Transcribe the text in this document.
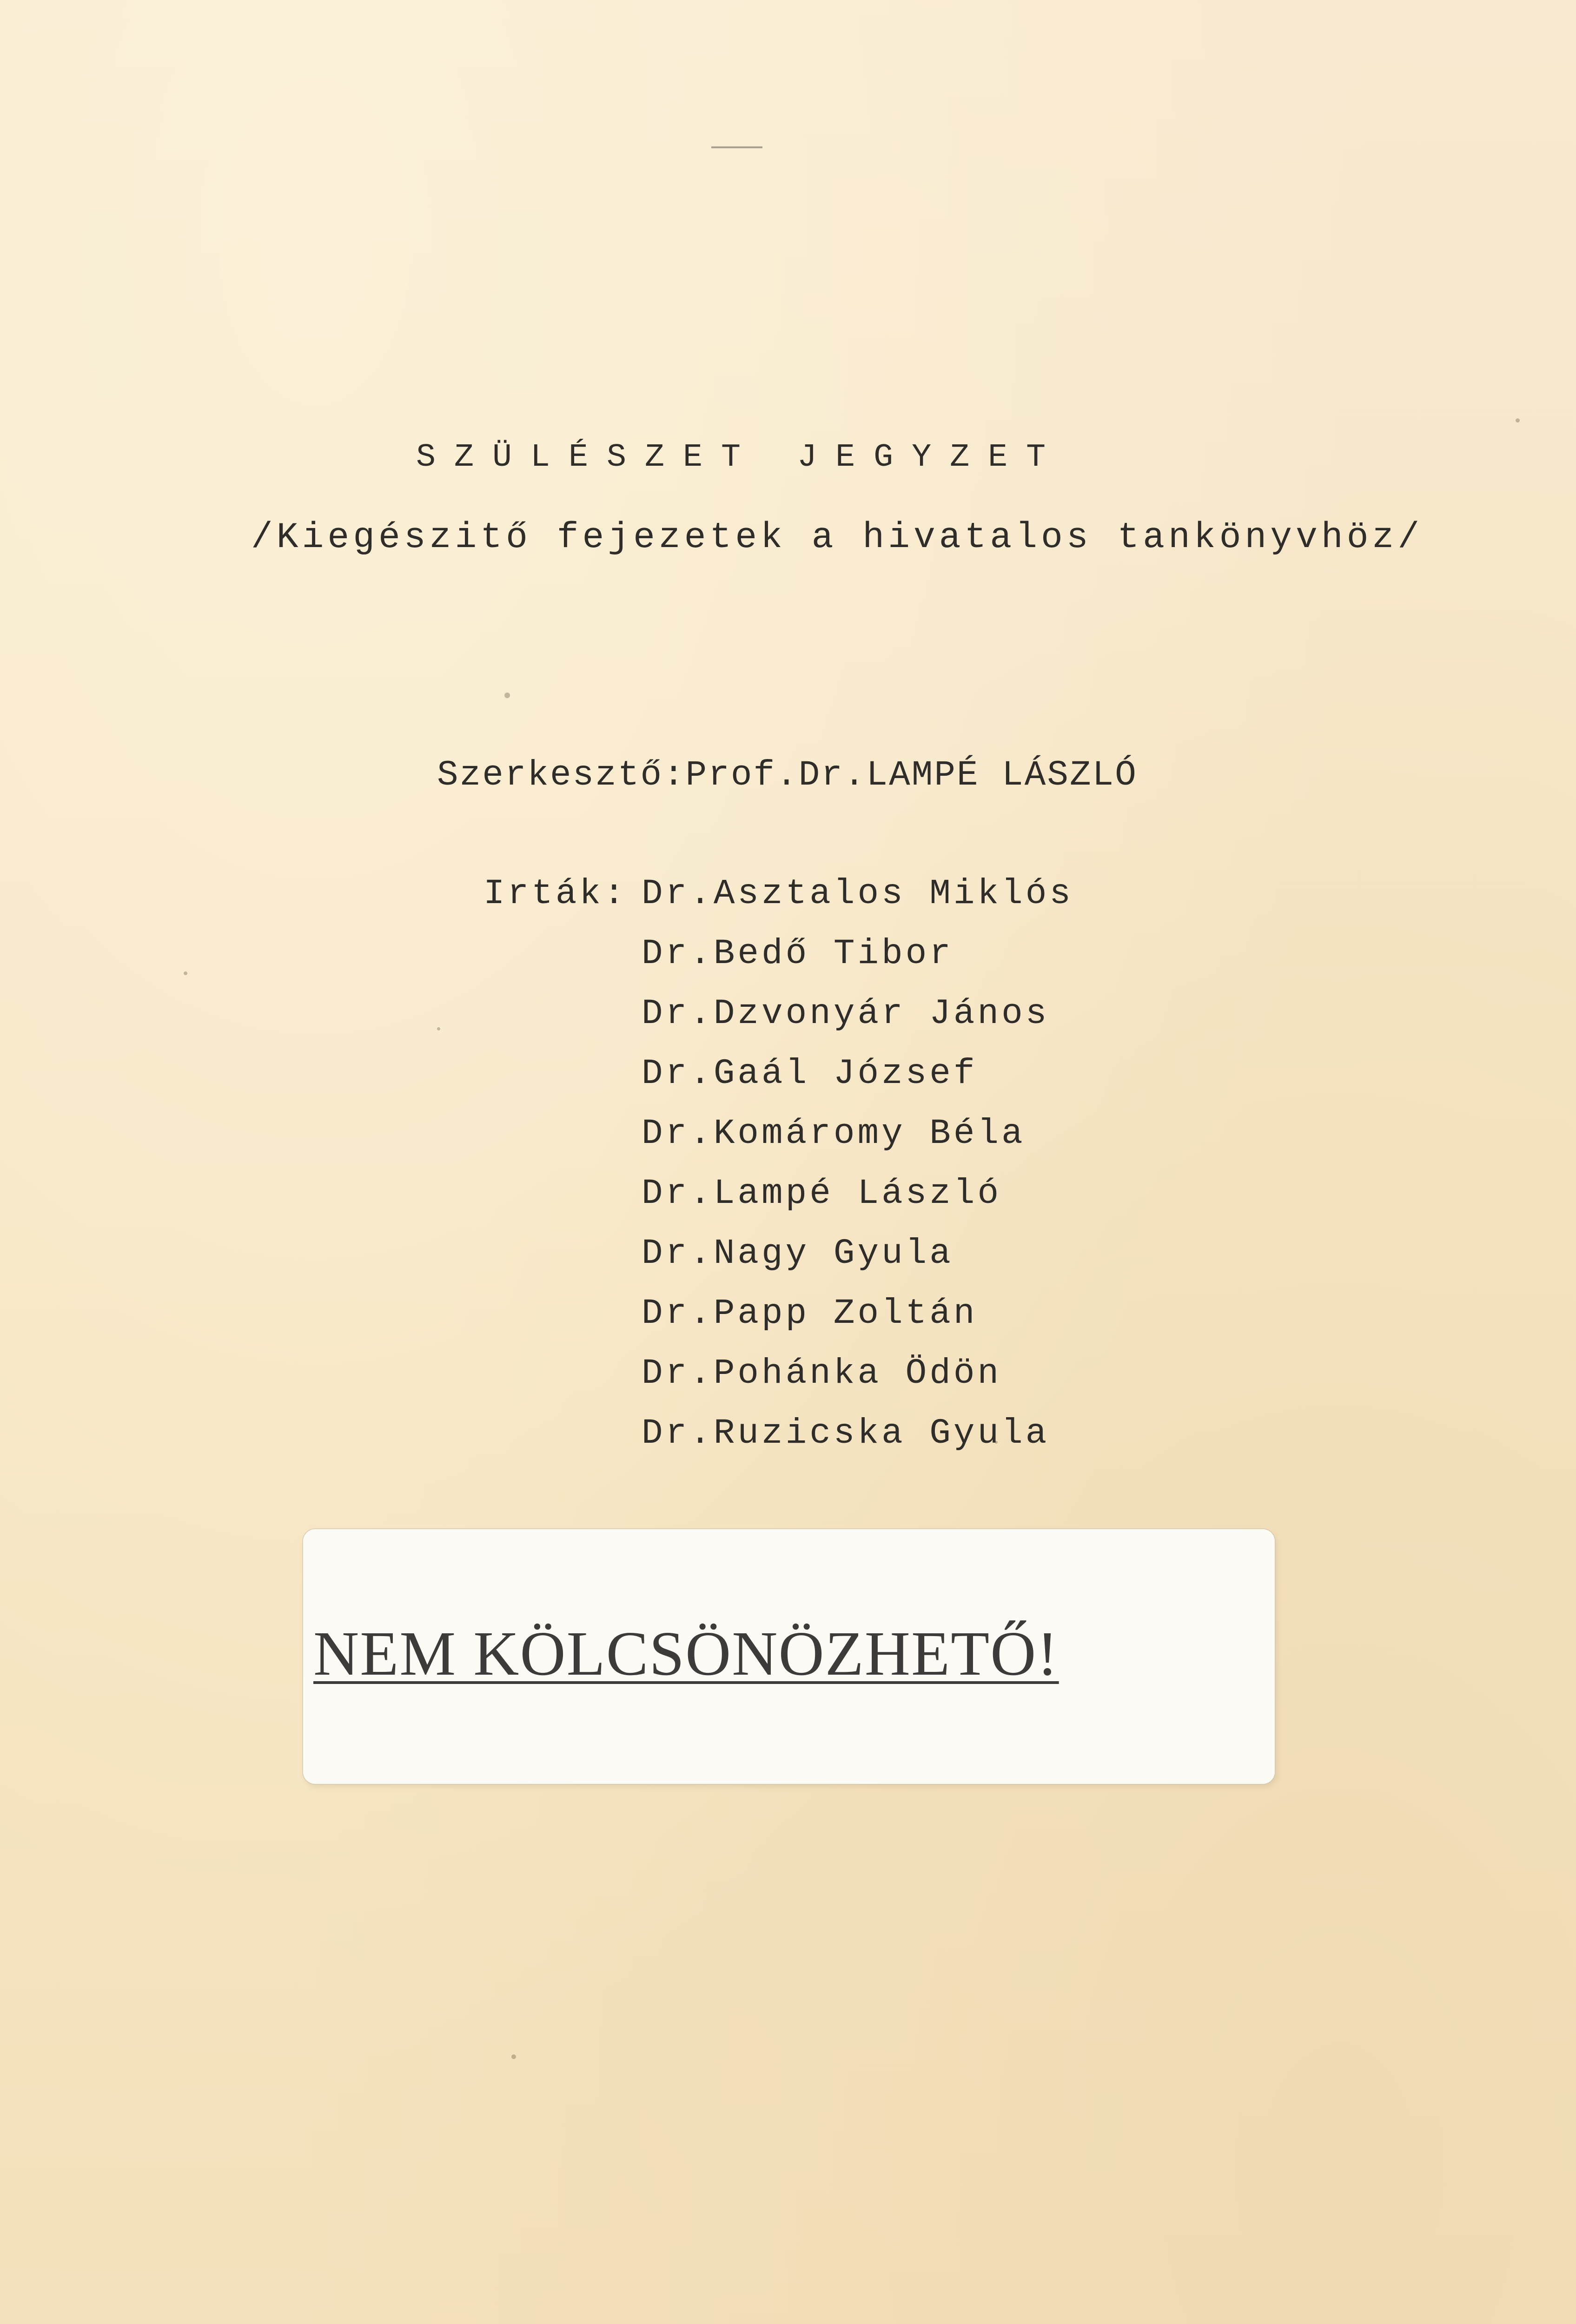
SZÜLÉSZET JEGYZET
/Kiegészitő fejezetek a hivatalos tankönyvhöz/
Szerkesztő:Prof.Dr.LAMPÉ LÁSZLÓ
Irták: Dr.Asztalos Miklós
Dr.Bedő Tibor
Dr.Dzvonyár János
Dr.Gaál József
Dr.Komáromy Béla
Dr.Lampé László
Dr.Nagy Gyula
Dr.Papp Zoltán
Dr.Pohánka Ödön
Dr.Ruzicska Gyula
NEM KÖLCSÖNÖZHETŐ!
